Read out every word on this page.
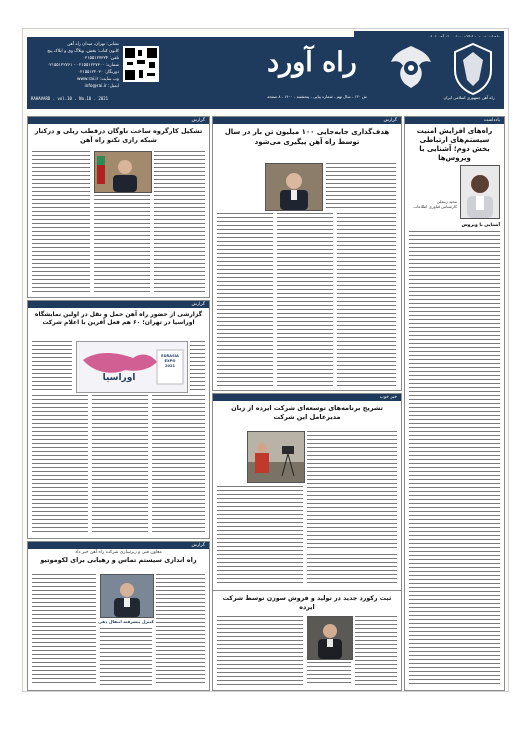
نشانی: تهران، میدان راه آهن
کانون کتاب: بخش، وبلاگ وی و ایلاک پنج
تلفن: ۰۲۱۵۵۱۲۷۳۲۴
شماره: ۰۲۱۵۵۱۲۲۷۳۰۰ - ۰۲۱۵۵۱۲۲۷۶۱
دورنگار: ۰۲۱۵۵۱۲۲۰۳۰
وب سایت: www.rai.ir
ایمیل: info@rai.ir
راه آورد
ش ۱۳۰ - سال نهم - شماره پیاپی - پنجشنبه - ۱۴۰۰ - ۸ صفحه
RAHAVARD . vol.10 . No.10 . 2021	راه آهن جمهوری اسلامی ایران
یادداشت
راه‌های افزایش امنیت سیستم‌های ارتباطی بخش دوم؛ آشنایی با ویروس‌ها
مجید زینعلی
کارشناس فناوری اطلاعات
آشنایی با ویروس
گزارش
هدف‌گذاری جابه‌جایی ۱۰۰ میلیون تن بار در سال توسط راه آهن پیگیری می‌شود
گزارش
تشکیل کارگروه ساخت ناوگان درقطب ریلی و درکنار شبکه رازی تکنو راه آهن
گزارش
گزارشی از حضور راه آهن حمل و نقل در اولین نمایشگاه اوراسیا در تهران؛ ۶۰ هم فعل آفرین با اعلام شرکت
EURASIA EXPO 2021
اوراسیا
گزارش
معاون فنی و زیرسازی شرکت راه آهن خبر داد
راه اندازی سیستم تماس و رهیابی برای لکوموتیو
کنترل پیشرفته انتقال دهی
خبر خوب
تشریح برنامه‌های توسعه‌ای شرکت ایرده از زبان مدیرعامل این شرکت
ثبت رکورد جدید در تولید و فروش سوزن توسط شرکت ایرده
